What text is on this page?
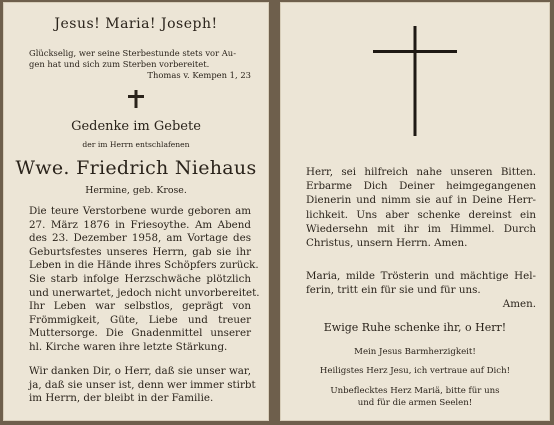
Jesus! Maria! Joseph!
Glückselig, wer seine Sterbestunde stets vor Au-
gen hat und sich zum Sterben vorbereitet.
Thomas v. Kempen 1, 23
Gedenke im Gebete
der im Herrn entschlafenen
Wwe. Friedrich Niehaus
Hermine, geb. Krose.
Die teure Verstorbene wurde geboren am
27. März 1876 in Friesoythe. Am Abend
des 23. Dezember 1958, am Vortage des
Geburtsfestes unseres Herrn, gab sie ihr
Leben in die Hände ihres Schöpfers zurück.
Sie starb infolge Herzschwäche plötzlich
und unerwartet, jedoch nicht unvorbereitet.
Ihr Leben war selbstlos, geprägt von
Frömmigkeit, Güte, Liebe und treuer
Muttersorge. Die Gnadenmittel unserer
hl. Kirche waren ihre letzte Stärkung.
Wir danken Dir, o Herr, daß sie unser war,
ja, daß sie unser ist, denn wer immer stirbt
im Herrn, der bleibt in der Familie.
Herr, sei hilfreich nahe unseren Bitten.
Erbarme Dich Deiner heimgegangenen
Dienerin und nimm sie auf in Deine Herr-
lichkeit. Uns aber schenke dereinst ein
Wiedersehn mit ihr im Himmel. Durch
Christus, unsern Herrn. Amen.
Maria, milde Trösterin und mächtige Hel-
ferin, tritt ein für sie und für uns.
Amen.
Ewige Ruhe schenke ihr, o Herr!
Mein Jesus Barmherzigkeit!
Heiligstes Herz Jesu, ich vertraue auf Dich!
Unbeflecktes Herz Mariä, bitte für uns
und für die armen Seelen!
